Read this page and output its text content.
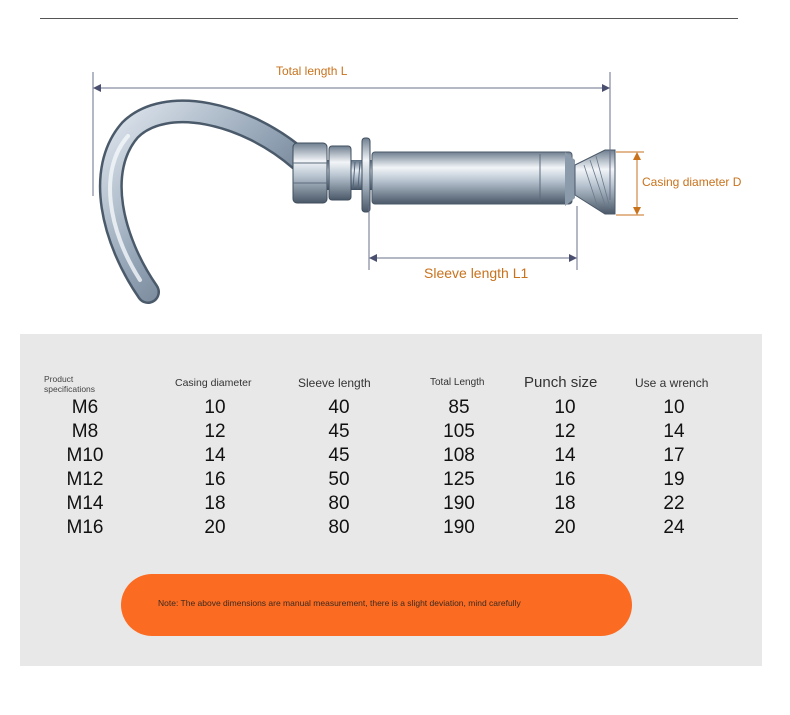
Total length L
Casing diameter D
Sleeve length L1
Product specifications	Casing diameter	Sleeve length	Total Length	Punch size	Use a wrench
M6	10	40	85	10	10
M8	12	45	105	12	14
M10	14	45	108	14	17
M12	16	50	125	16	19
M14	18	80	190	18	22
M16	20	80	190	20	24
Note: The above dimensions are manual measurement, there is a slight deviation, mind carefully
